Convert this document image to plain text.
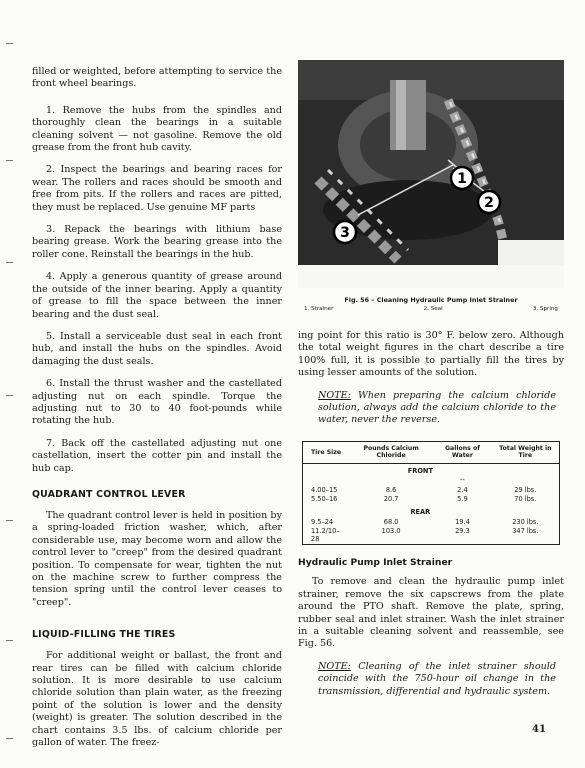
filled or weighted, before attempting to service the front wheel bearings.

1. Remove the hubs from the spindles and thoroughly clean the bearings in a suitable cleaning solvent — not gasoline. Remove the old grease from the front hub cavity.

2. Inspect the bearings and bearing races for wear. The rollers and races should be smooth and free from pits. If the rollers and races are pitted, they must be replaced. Use genuine MF parts

3. Repack the bearings with lithium base bearing grease. Work the bearing grease into the roller cone. Reinstall the bearings in the hub.

4. Apply a generous quantity of grease around the outside of the inner bearing. Apply a quantity of grease to fill the space between the inner bearing and the dust seal.

5. Install a serviceable dust seal in each front hub, and install the hubs on the spindles. Avoid damaging the dust seals.

6. Install the thrust washer and the castellated adjusting nut on each spindle. Torque the adjusting nut to 30 to 40 foot-pounds while rotating the hub.

7. Back off the castellated adjusting nut one castellation, insert the cotter pin and install the hub cap.

QUADRANT CONTROL LEVER

The quadrant control lever is held in position by a spring-loaded friction washer, which, after considerable use, may become worn and allow the control lever to "creep" from the desired quadrant position. To compensate for wear, tighten the nut on the machine screw to further compress the tension spring until the control lever ceases to "creep".

LIQUID-FILLING THE TIRES

For additional weight or ballast, the front and rear tires can be filled with calcium chloride solution. It is more desirable to use calcium chloride solution than plain water, as the freezing point of the solution is lower and the density (weight) is greater. The solution described in the chart contains 3.5 lbs. of calcium chloride per gallon of water. The freez-

1
2
3
Fig. 56 – Cleaning Hydraulic Pump Inlet Strainer
1. Strainer	2. Seal	3. Spring

ing point for this ratio is 30° F. below zero. Although the total weight figures in the chart describe a tire 100% full, it is possible to partially fill the tires by using lesser amounts of the solution.

NOTE: When preparing the calcium chloride solution, always add the calcium chloride to the water, never the reverse.

Tire Size	Pounds Calcium Chloride	Gallons of Water	Total Weight in Tire
	FRONT		
		--	
4.00–15	8.6	2.4	29 lbs.
5.50–16	20.7	5.9	70 lbs.
	REAR		
9.5–24	68.0	19.4	230 lbs.
11.2/10–28	103.0	29.3	347 lbs.
Hydraulic Pump Inlet Strainer

To remove and clean the hydraulic pump inlet strainer, remove the six capscrews from the plate around the PTO shaft. Remove the plate, spring, rubber seal and inlet strainer. Wash the inlet strainer in a suitable cleaning solvent and reassemble, see Fig. 56.

NOTE: Cleaning of the inlet strainer should coincide with the 750-hour oil change in the transmission, differential and hydraulic system.

41
